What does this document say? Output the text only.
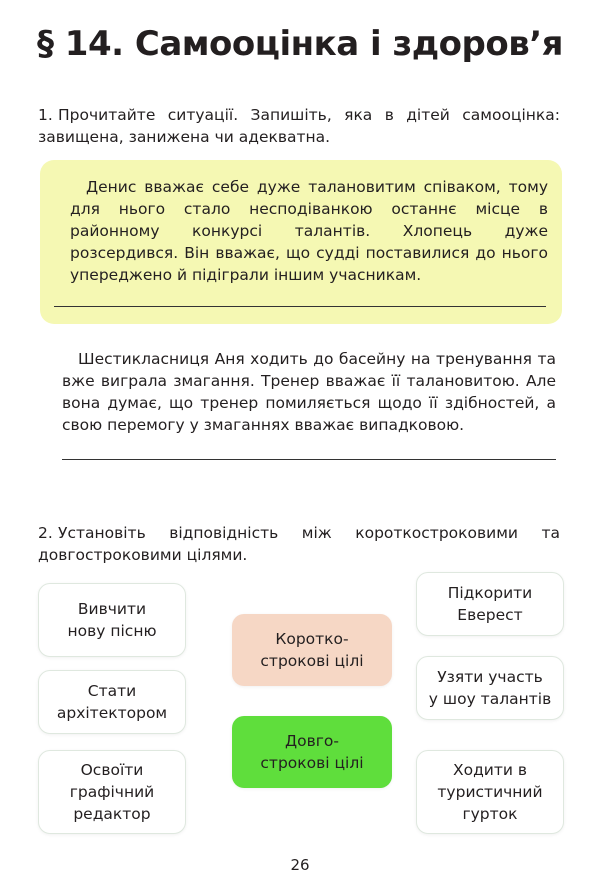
§ 14. Самооцінка і здоров’я
1. Прочитайте ситуації. Запишіть, яка в дітей самооцінка: завищена, занижена чи адекватна.
Денис вважає себе дуже талановитим співаком, тому для нього стало несподіванкою останнє місце в районному конкурсі талантів. Хлопець дуже розсердився. Він вважає, що судді поставилися до нього упереджено й підіграли іншим учасникам.
Шестикласниця Аня ходить до басейну на тренування та вже виграла змагання. Тренер вважає її талановитою. Але вона думає, що тренер помиляється щодо її здібностей, а свою перемогу у змаганнях вважає випадковою.
2. Установіть відповідність між короткостроковими та довгостроковими цілями.
Вивчити
нову пісню
Стати
архітектором
Освоїти
графічний
редактор
Коротко-
строкові цілі
Довго-
строкові цілі
Підкорити
Еверест
Узяти участь
у шоу талантів
Ходити в
туристичний
гурток
26
